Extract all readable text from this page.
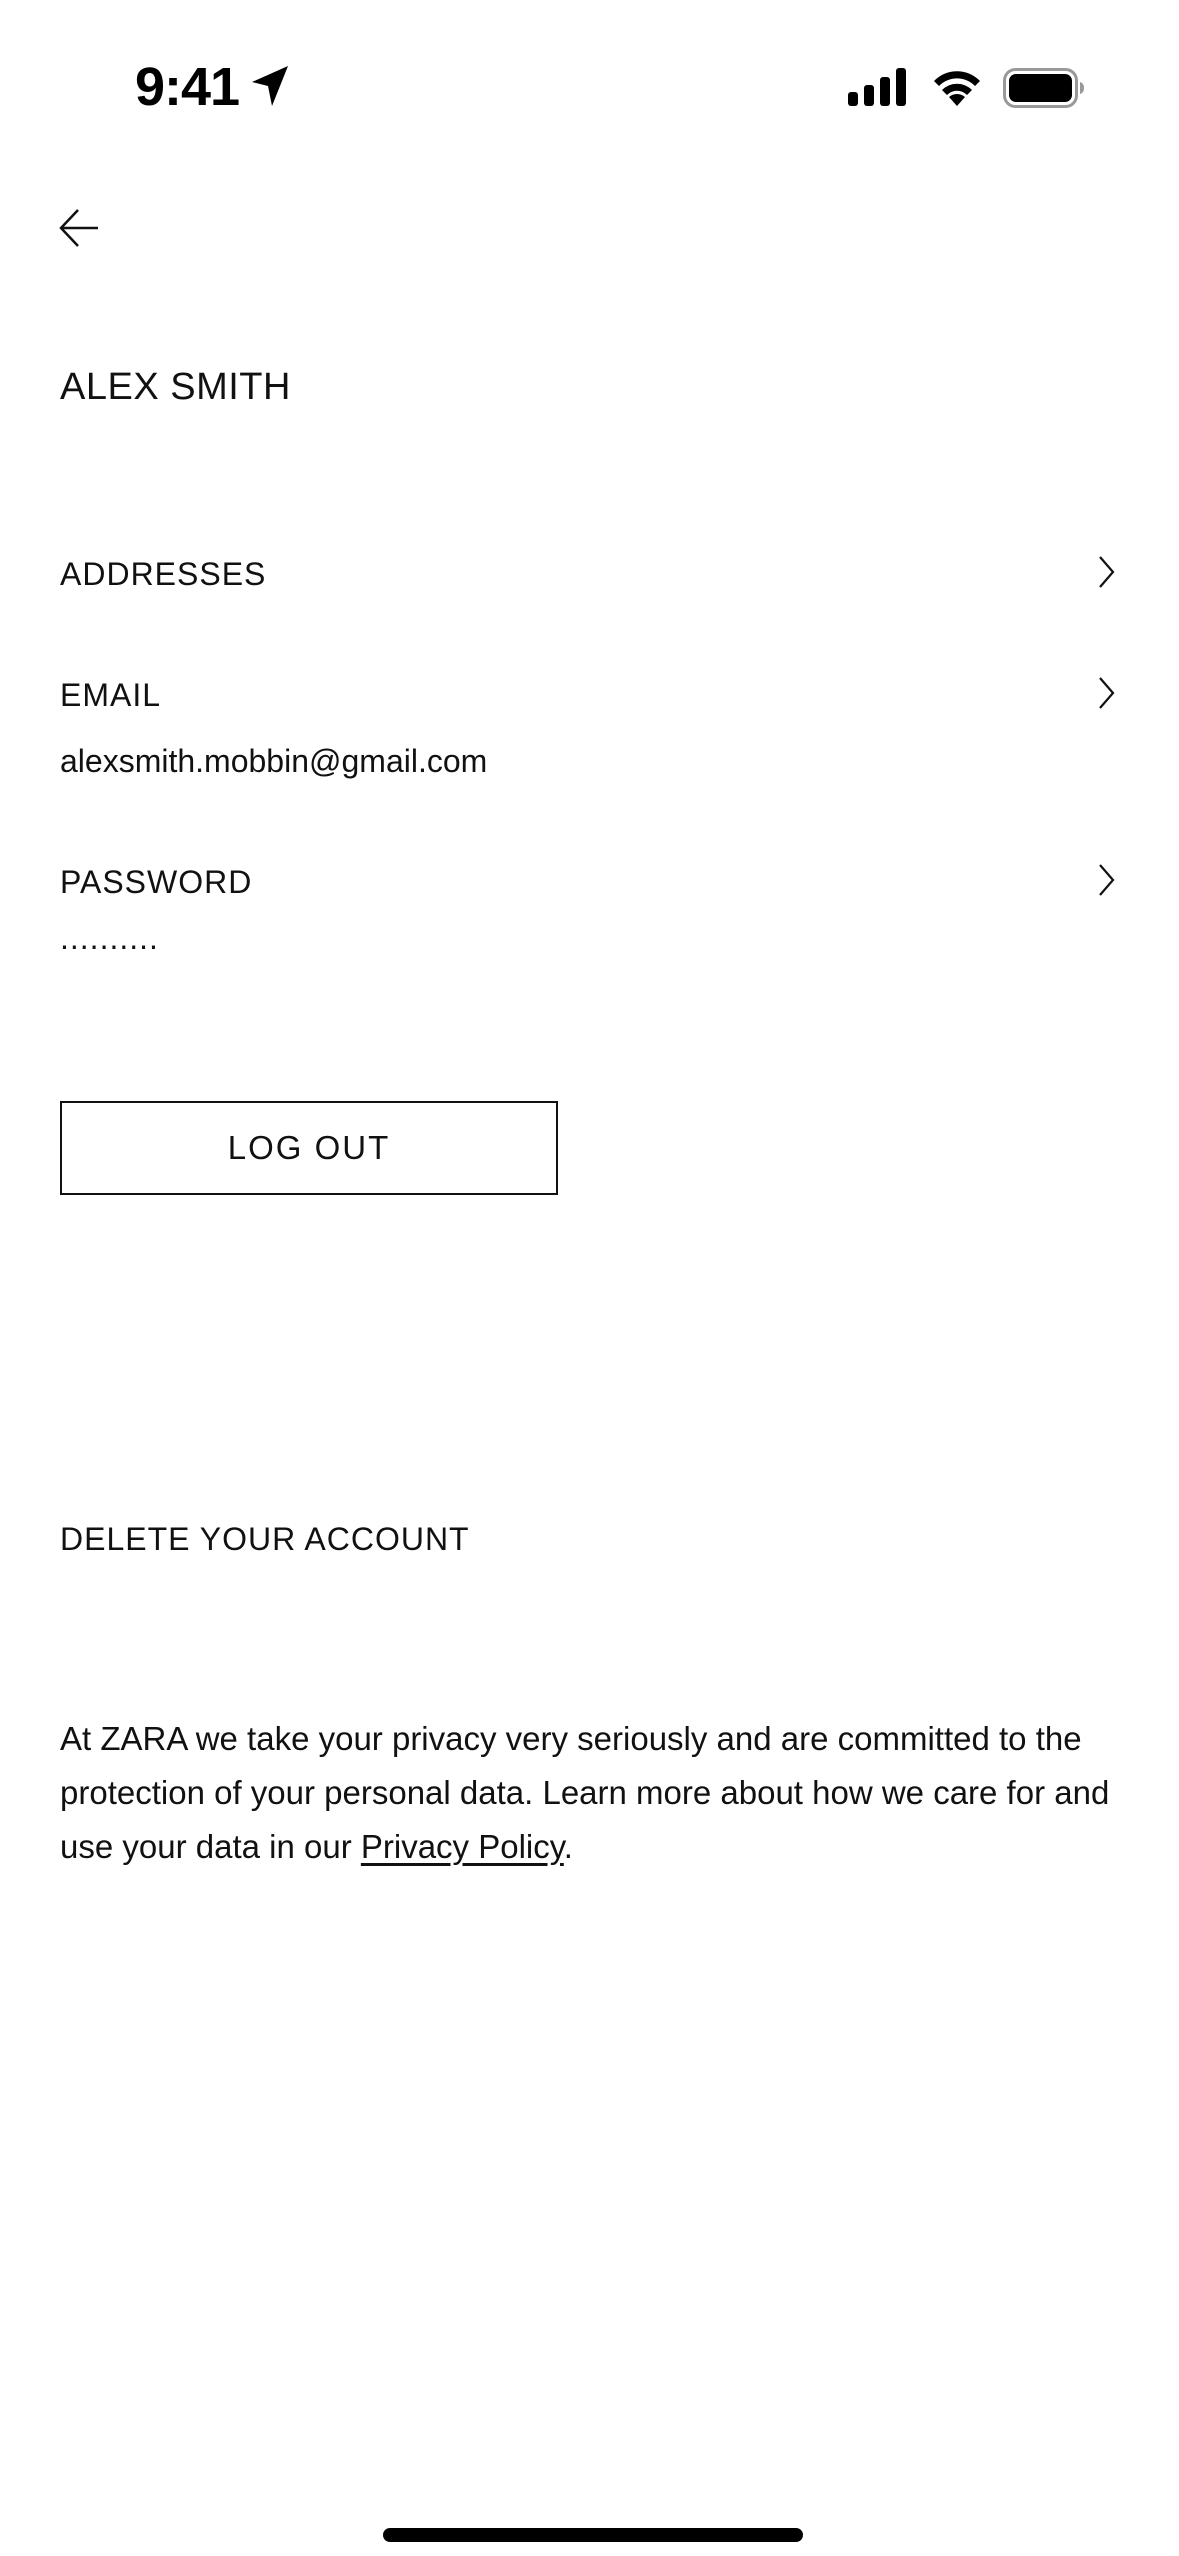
9:41
ALEX SMITH
ADDRESSES
EMAIL
alexsmith.mobbin@gmail.com
PASSWORD
..........
LOG OUT
DELETE YOUR ACCOUNT
At ZARA we take your privacy very seriously and are committed to the protection of your personal data. Learn more about how we care for and use your data in our Privacy Policy.
